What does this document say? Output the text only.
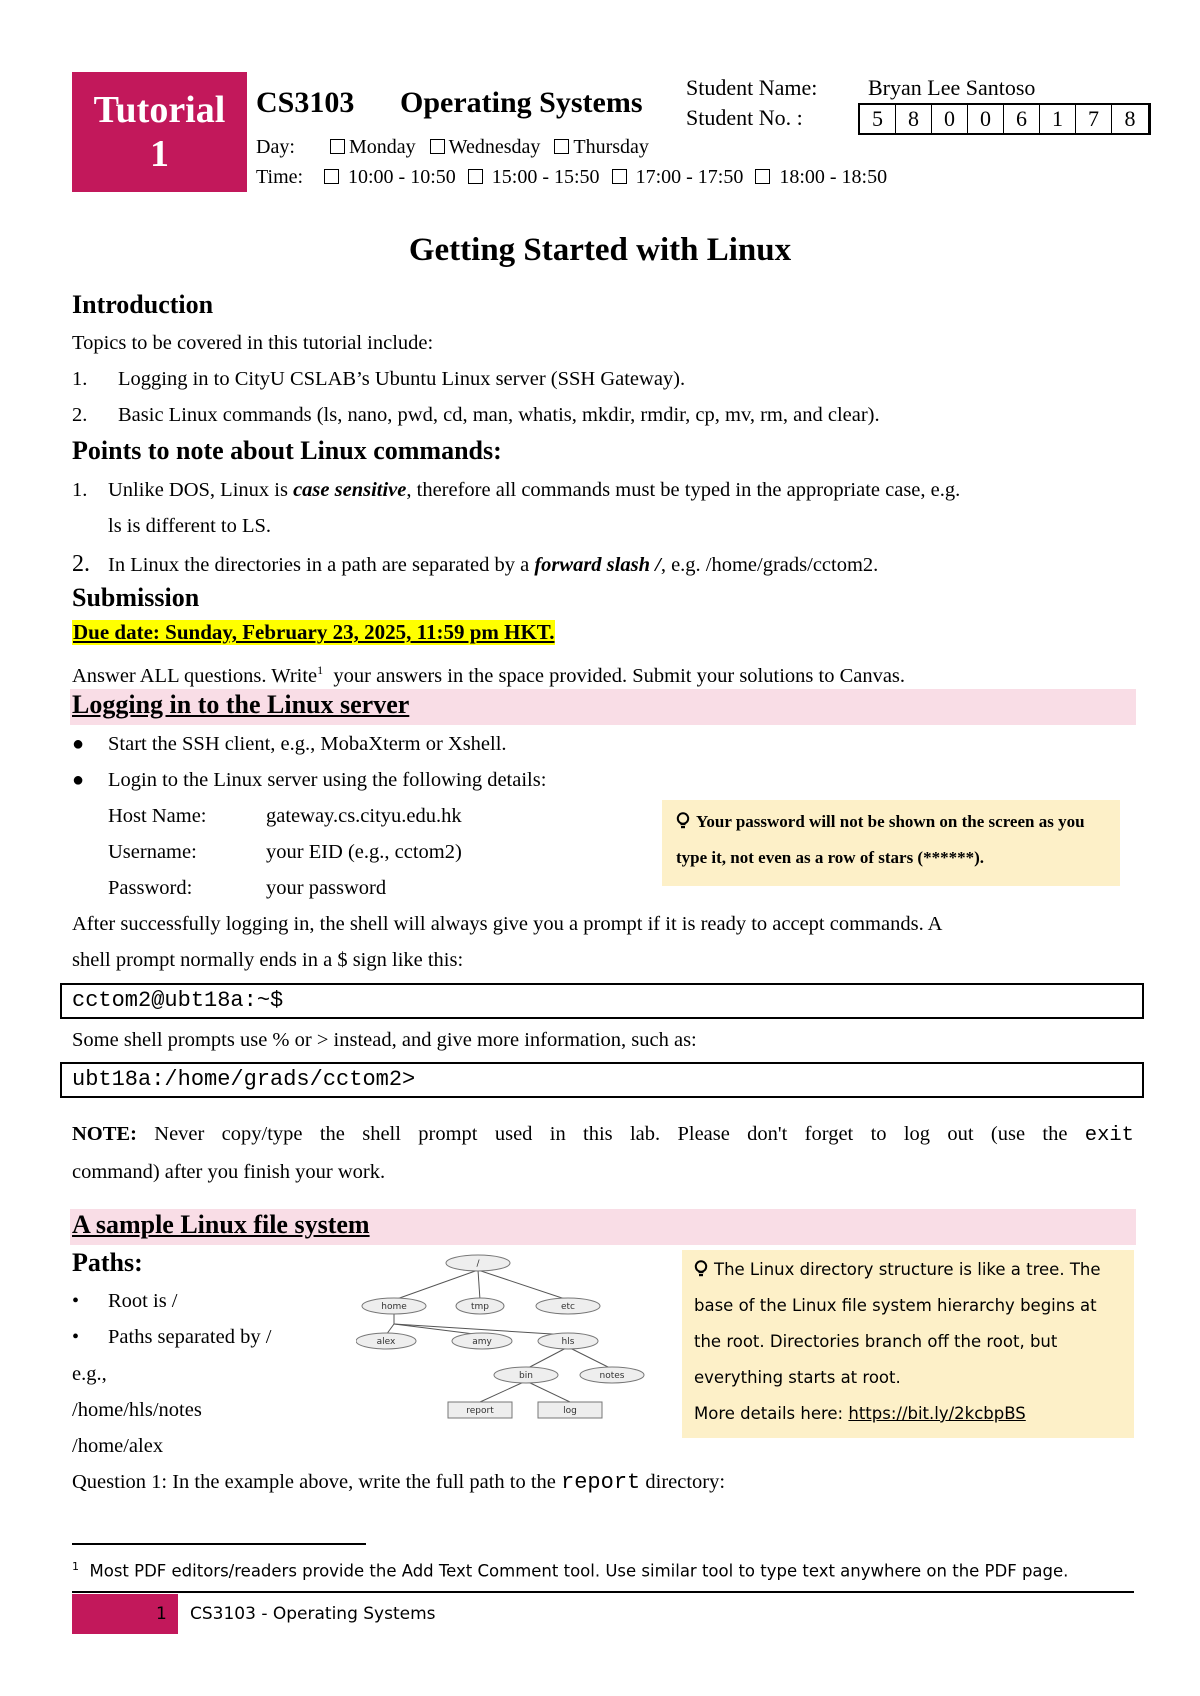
Tutorial
1
CS3103 Operating Systems Student Name: Bryan Lee Santoso
Student No. :	5	8	0	0	6	1	7	8
Day:	Monday	Wednesday	Thursday
Time:	10:00 - 10:50	15:00 - 15:50	17:00 - 17:50	18:00 - 18:50
Getting Started with Linux
Introduction
Topics to be covered in this tutorial include:
1. Logging in to CityU CSLAB’s Ubuntu Linux server (SSH Gateway).
2. Basic Linux commands (ls, nano, pwd, cd, man, whatis, mkdir, rmdir, cp, mv, rm, and clear).
Points to note about Linux commands:
1. Unlike DOS, Linux is case sensitive, therefore all commands must be typed in the appropriate case, e.g.
ls is different to LS.
2. In Linux the directories in a path are separated by a forward slash /, e.g. /home/grads/cctom2.
Submission
Due date: Sunday, February 23, 2025, 11:59 pm HKT.
Answer ALL questions. Write$^1$ your answers in the space provided. Submit your solutions to Canvas.
Logging in to the Linux server
● Start the SSH client, e.g., MobaXterm or Xshell.
● Login to the Linux server using the following details:
Host Name:	gateway.cs.cityu.edu.hk
Username:	your EID (e.g., cctom2)
Password:	your password
Your password will not be shown on the screen as you type it, not even as a row of stars (******).
After successfully logging in, the shell will always give you a prompt if it is ready to accept commands. A
shell prompt normally ends in a $ sign like this:
cctom2@ubt18a:~$
Some shell prompts use % or > instead, and give more information, such as:
ubt18a:/home/grads/cctom2>
NOTE: Never copy/type the shell prompt used in this lab. Please don't forget to log out (use the exit
command) after you finish your work.
A sample Linux file system
Paths:
• Root is /
• Paths separated by /
e.g.,
/home/hls/notes
/home/alex
/
home	tmp	etc
alex	amy	hls
bin	notes
report	log
The Linux directory structure is like a tree. The base of the Linux file system hierarchy begins at the root. Directories branch off the root, but everything starts at root.
More details here: https://bit.ly/2kcbpBS
Question 1: In the example above, write the full path to the report directory:
$^1$ Most PDF editors/readers provide the Add Text Comment tool. Use similar tool to type text anywhere on the PDF page.
1 CS3103 - Operating Systems
